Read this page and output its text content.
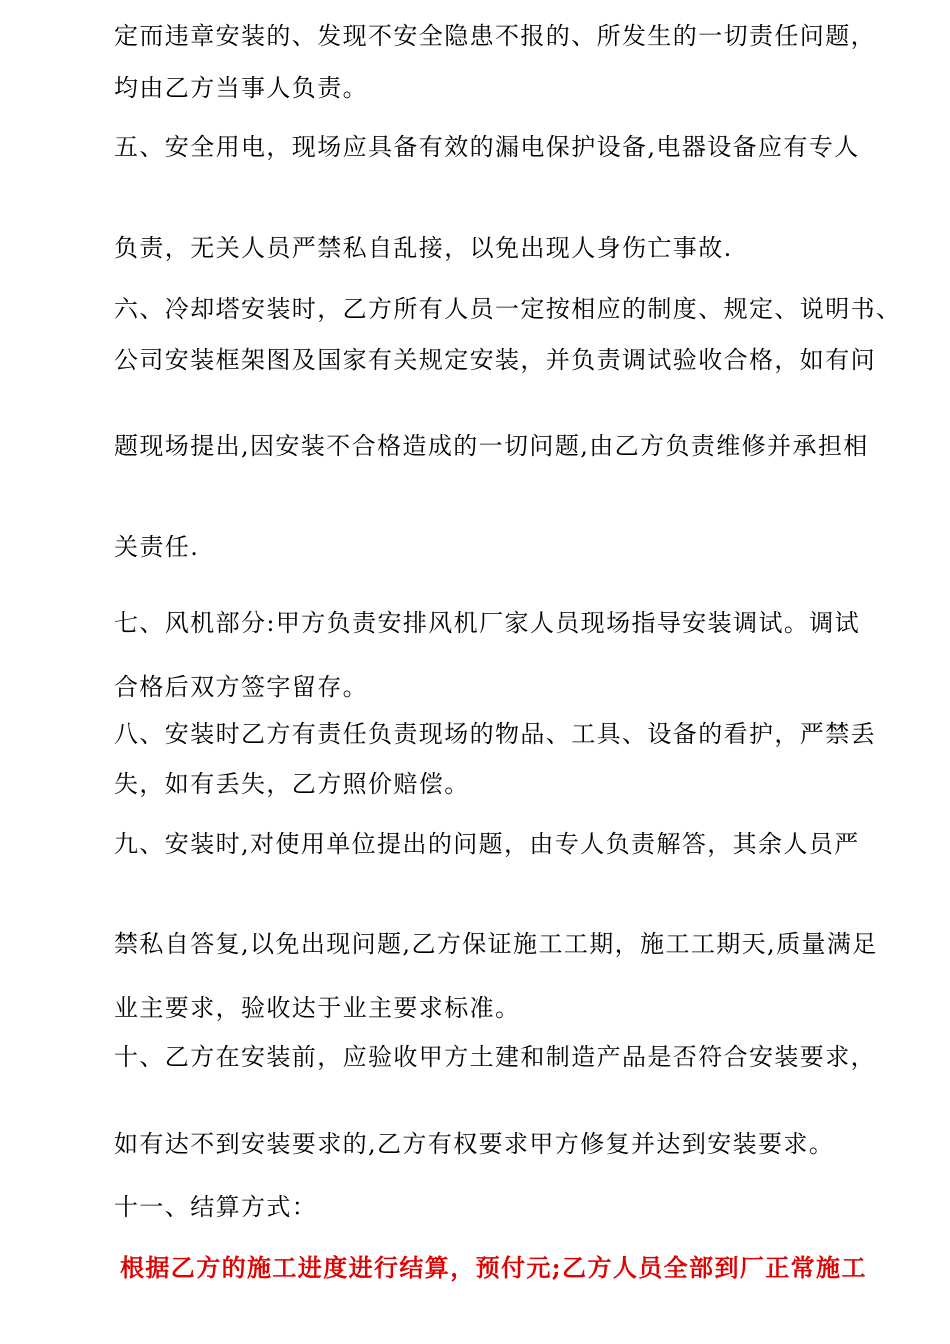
定而违章安装的、发现不安全隐患不报的、所发生的一切责任问题，
均由乙方当事人负责。
五、安全用电，现场应具备有效的漏电保护设备,电器设备应有专人
负责，无关人员严禁私自乱接，以免出现人身伤亡事故.
六、冷却塔安装时，乙方所有人员一定按相应的制度、规定、说明书、
公司安装框架图及国家有关规定安装，并负责调试验收合格，如有问
题现场提出,因安装不合格造成的一切问题,由乙方负责维修并承担相
关责任.
七、风机部分:甲方负责安排风机厂家人员现场指导安装调试。调试
合格后双方签字留存。
八、安装时乙方有责任负责现场的物品、工具、设备的看护，严禁丢
失，如有丢失，乙方照价赔偿。
九、安装时,对使用单位提出的问题，由专人负责解答，其余人员严
禁私自答复,以免出现问题,乙方保证施工工期，施工工期天,质量满足
业主要求，验收达于业主要求标准。
十、乙方在安装前，应验收甲方土建和制造产品是否符合安装要求，
如有达不到安装要求的,乙方有权要求甲方修复并达到安装要求。
十一、结算方式：
根据乙方的施工进度进行结算，预付元;乙方人员全部到厂正常施工
